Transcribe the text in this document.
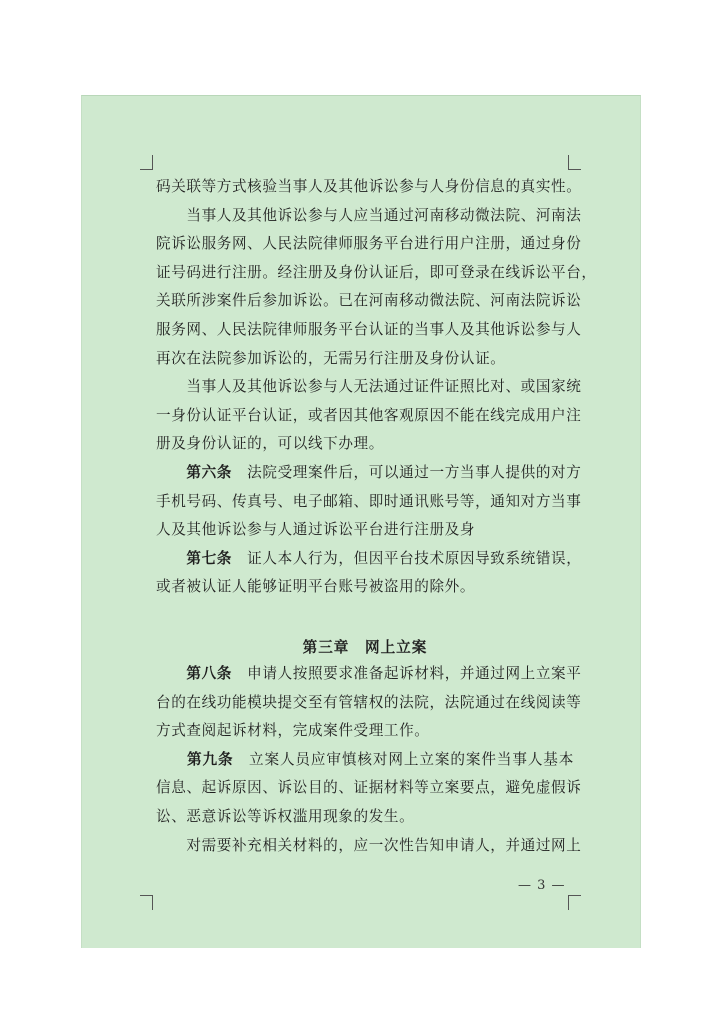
码关联等方式核验当事人及其他诉讼参与人身份信息的真实性。
　　当事人及其他诉讼参与人应当通过河南移动微法院、河南法
院诉讼服务网、人民法院律师服务平台进行用户注册，通过身份
证号码进行注册。经注册及身份认证后，即可登录在线诉讼平台，
关联所涉案件后参加诉讼。已在河南移动微法院、河南法院诉讼
服务网、人民法院律师服务平台认证的当事人及其他诉讼参与人
再次在法院参加诉讼的，无需另行注册及身份认证。
　　当事人及其他诉讼参与人无法通过证件证照比对、或国家统
一身份认证平台认证，或者因其他客观原因不能在线完成用户注
册及身份认证的，可以线下办理。
　　第六条　法院受理案件后，可以通过一方当事人提供的对方
手机号码、传真号、电子邮箱、即时通讯账号等，通知对方当事
人及其他诉讼参与人通过诉讼平台进行注册及身
　　第七条　证人本人行为，但因平台技术原因导致系统错误，
或者被认证人能够证明平台账号被盗用的除外。
第三章　网上立案
　　第八条　申请人按照要求准备起诉材料，并通过网上立案平
台的在线功能模块提交至有管辖权的法院，法院通过在线阅读等
方式查阅起诉材料，完成案件受理工作。
　　第九条　立案人员应审慎核对网上立案的案件当事人基本
信息、起诉原因、诉讼目的、证据材料等立案要点，避免虚假诉
讼、恶意诉讼等诉权滥用现象的发生。
　　对需要补充相关材料的，应一次性告知申请人，并通过网上
— 3 —
